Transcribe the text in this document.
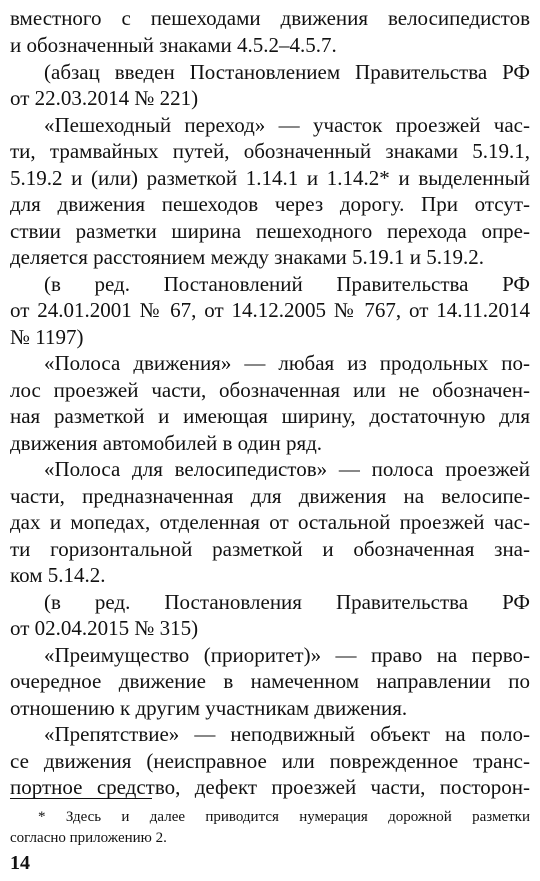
вместного с пешеходами движения велосипедистов
и обозначенный знаками 4.5.2–4.5.7.
(абзац введен Постановлением Правительства РФ
от 22.03.2014 № 221)
«Пешеходный переход» — участок проезжей час-
ти, трамвайных путей, обозначенный знаками 5.19.1,
5.19.2 и (или) разметкой 1.14.1 и 1.14.2* и выделенный
для движения пешеходов через дорогу. При отсут-
ствии разметки ширина пешеходного перехода опре-
деляется расстоянием между знаками 5.19.1 и 5.19.2.
(в ред. Постановлений Правительства РФ
от 24.01.2001 № 67, от 14.12.2005 № 767, от 14.11.2014
№ 1197)
«Полоса движения» — любая из продольных по-
лос проезжей части, обозначенная или не обозначен-
ная разметкой и имеющая ширину, достаточную для
движения автомобилей в один ряд.
«Полоса для велосипедистов» — полоса проезжей
части, предназначенная для движения на велосипе-
дах и мопедах, отделенная от остальной проезжей час-
ти горизонтальной разметкой и обозначенная зна-
ком 5.14.2.
(в ред. Постановления Правительства РФ
от 02.04.2015 № 315)
«Преимущество (приоритет)» — право на перво-
очередное движение в намеченном направлении по
отношению к другим участникам движения.
«Препятствие» — неподвижный объект на поло-
се движения (неисправное или поврежденное транс-
портное средство, дефект проезжей части, посторон-
* Здесь и далее приводится нумерация дорожной разметки
согласно приложению 2.
14
